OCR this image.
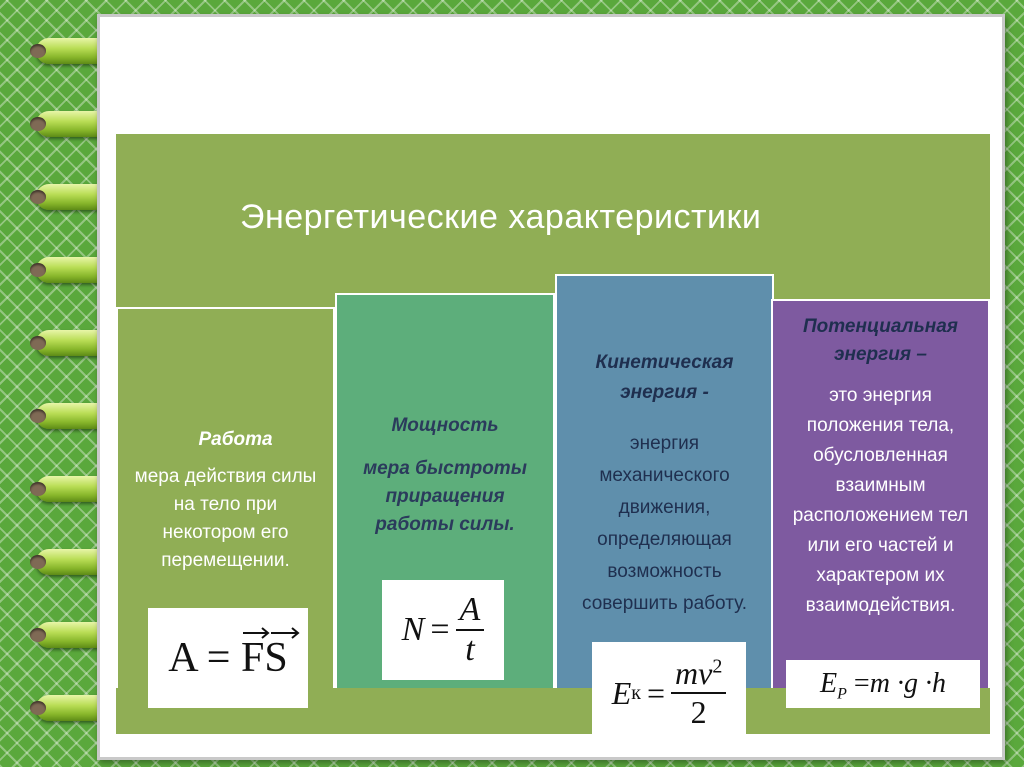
Энергетические характеристики
Работа
мера действия силы на тело при некотором его перемещении.
A = FS
Мощность
мера быстроты приращения работы силы.
$N = \frac{A}{t}$
Кинетическая энергия -
энергия механического движения, определяющая возможность совершить работу.
E $к = \frac{mv^2}{2}$
Потенциальная энергия –
это энергия положения тела, обусловленная взаимным расположением тел или его частей и характером их взаимодействия.
$E_P =m \cdot g \cdot h$
